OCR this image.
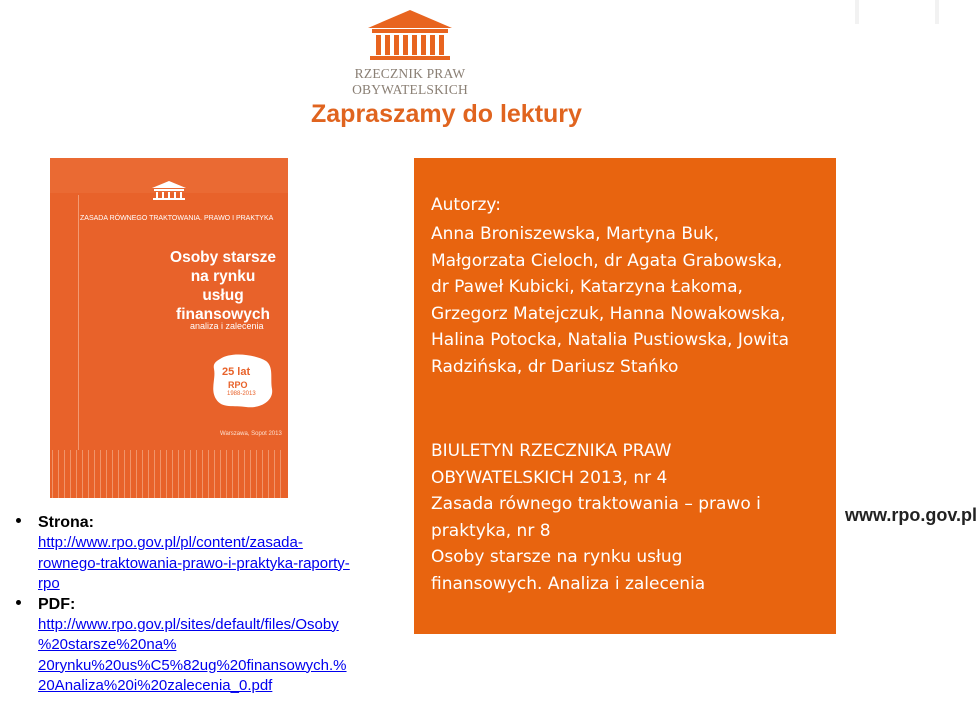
RZECZNIK PRAW OBYWATELSKICH
Zapraszamy do lektury
ZASADA RÓWNEGO TRAKTOWANIA. PRAWO I PRAKTYKA
Osoby starsze
na rynku
usług finansowych
analiza i zalecenia
25 lat
RPO
1988-2013
Warszawa, Sopot 2013
Autorzy:
Anna Broniszewska, Martyna Buk,
Małgorzata Cieloch, dr Agata Grabowska,
dr Paweł Kubicki, Katarzyna Łakoma,
Grzegorz Matejczuk, Hanna Nowakowska,
Halina Potocka, Natalia Pustiowska, Jowita
Radzińska, dr Dariusz Stańko
BIULETYN RZECZNIKA PRAW
OBYWATELSKICH 2013, nr 4
Zasada równego traktowania – prawo i
praktyka, nr 8
Osoby starsze na rynku usług
finansowych. Analiza i zalecenia
Strona:
http://www.rpo.gov.pl/pl/content/zasada-
rownego-traktowania-prawo-i-praktyka-raporty-
rpo
PDF:
http://www.rpo.gov.pl/sites/default/files/Osoby
%20starsze%20na%
20rynku%20us%C5%82ug%20finansowych.%
20Analiza%20i%20zalecenia_0.pdf
www.rpo.gov.pl
